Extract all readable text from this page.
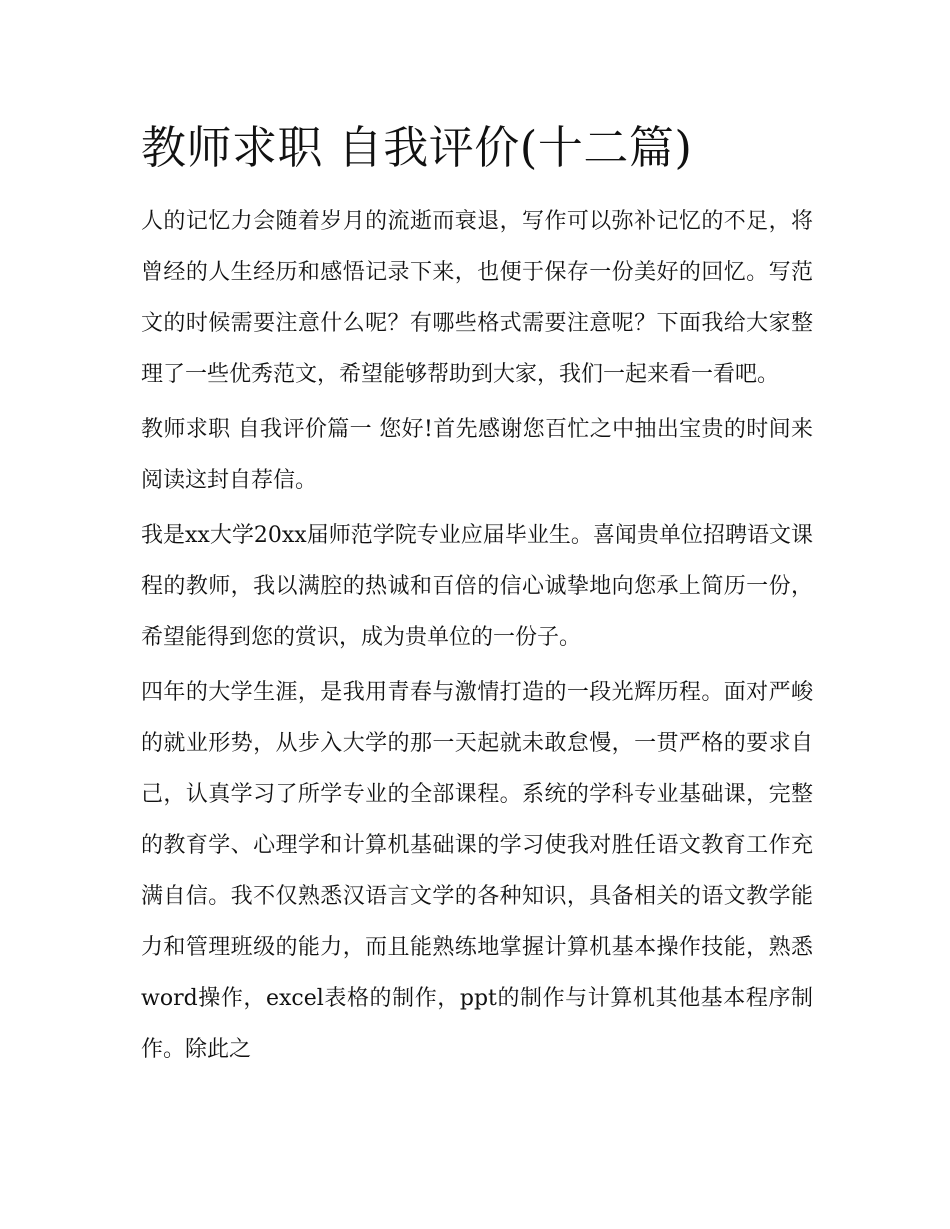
教师求职 自我评价(十二篇)

人的记忆力会随着岁月的流逝而衰退，写作可以弥补记忆的不足，将曾经的人生经历和感悟记录下来，也便于保存一份美好的回忆。写范文的时候需要注意什么呢？有哪些格式需要注意呢？下面我给大家整理了一些优秀范文，希望能够帮助到大家，我们一起来看一看吧。

教师求职 自我评价篇一 您好!首先感谢您百忙之中抽出宝贵的时间来阅读这封自荐信。

我是xx大学20xx届师范学院专业应届毕业生。喜闻贵单位招聘语文课程的教师，我以满腔的热诚和百倍的信心诚挚地向您承上简历一份，希望能得到您的赏识，成为贵单位的一份子。

四年的大学生涯，是我用青春与激情打造的一段光辉历程。面对严峻的就业形势，从步入大学的那一天起就未敢怠慢，一贯严格的要求自己，认真学习了所学专业的全部课程。系统的学科专业基础课，完整的教育学、心理学和计算机基础课的学习使我对胜任语文教育工作充满自信。我不仅熟悉汉语言文学的各种知识，具备相关的语文教学能力和管理班级的能力，而且能熟练地掌握计算机基本操作技能，熟悉word操作，excel表格的制作，ppt的制作与计算机其他基本程序制作。除此之
